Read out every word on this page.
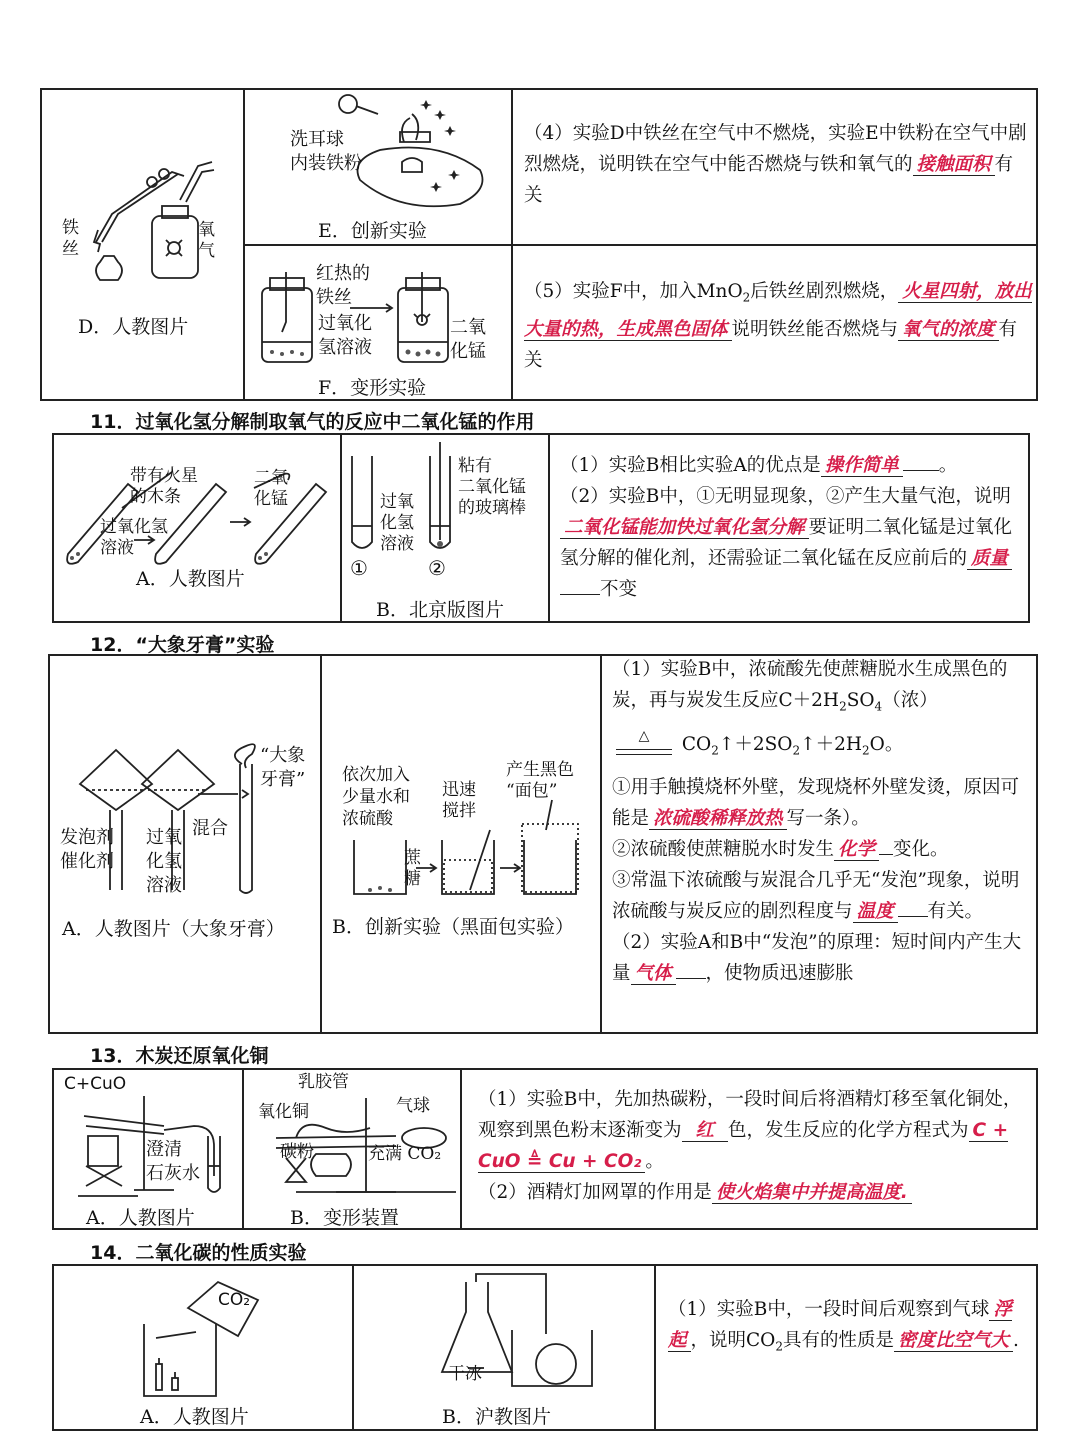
铁
丝
氧
气
D．人教图片
洗耳球
内装铁粉
E．创新实验
红热的
铁丝
过氧化
氢溶液
二氧
化锰
F．变形实验

（4）实验D中铁丝在空气中不燃烧，实验E中铁粉在空气中剧烈燃烧，说明铁在空气中能否燃烧与铁和氧气的 接触面积 有关

（5）实验F中，加入MnO$_2$后铁丝剧烈燃烧， 火星四射，放出大量的热，生成黑色固体 说明铁丝能否燃烧与 氧气的浓度 有关

11．过氧化氢分解制取氧气的反应中二氧化锰的作用
带有火星
的木条
二氧
化锰
过氧化氢
溶液
A．人教图片
粘有
二氧化锰
的玻璃棒
过氧
化氢
溶液
①	②
B．北京版图片

（1）实验B相比实验A的优点是 操作简单 。

（2）实验B中，①无明显现象，②产生大量气泡，说明二氧化锰能加快过氧化氢分解 要证明二氧化锰是过氧化氢分解的催化剂，还需验证二氧化锰在反应前后的 质量不变

12．“大象牙膏”实验
发泡剂
催化剂
过氧
化氢
溶液
混合
“大象
牙膏”
A．人教图片（大象牙膏）
依次加入
少量水和
浓硫酸
蔗
糖
迅速
搅拌
产生黑色
“面包”
B．创新实验（黑面包实验）

（1）实验B中，浓硫酸先使蔗糖脱水生成黑色的炭，再与炭发生反应$C+2H_2SO_4$（浓）

△ $CO_2↑+2SO_2↑+2H_2O$。

①用手触摸烧杯外壁，发现烧杯外壁发烫，原因可能是 浓硫酸稀释放热 写一条）。

②浓硫酸使蔗糖脱水时发生 化学 变化。

③常温下浓硫酸与炭混合几乎无“发泡”现象，说明浓硫酸与炭反应的剧烈程度与 温度 有关。

（2）实验A和B中“发泡”的原理：短时间内产生大量 气体 ，使物质迅速膨胀

13．木炭还原氧化铜
C+CuO
澄清
石灰水
A．人教图片
乳胶管
氧化铜	气球
碳粉	充满 CO₂
B．变形装置

（1）实验B中，先加热碳粉，一段时间后将酒精灯移至氧化铜处，观察到黑色粉末逐渐变为 红 色，发生反应的化学方程式为 C + CuO ≜ Cu + CO₂ 。

（2）酒精灯加网罩的作用是 使火焰集中并提高温度.

14．二氧化碳的性质实验
CO₂
A．人教图片
干冰
B．沪教图片

（1）实验B中，一段时间后观察到气球 浮起 ，说明$CO_2$具有的性质是 密度比空气大 .
